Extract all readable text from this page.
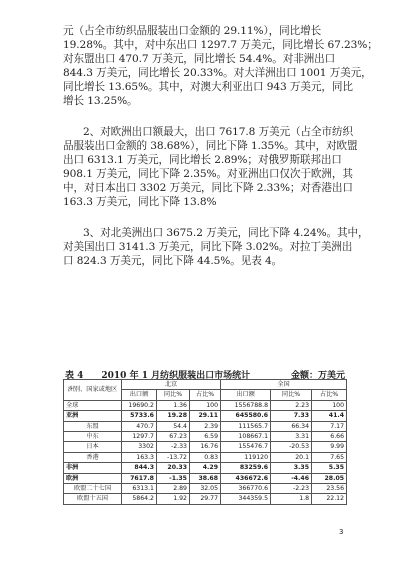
元（占全市纺织品服装出口金额的 29.11%），同比增长
19.28%。其中，对中东出口 1297.7 万美元，同比增长 67.23%；
对东盟出口 470.7 万美元，同比增长 54.4%。对非洲出口
844.3 万美元，同比增长 20.33%。对大洋洲出口 1001 万美元，
同比增长 13.65%。其中，对澳大利亚出口 943 万美元，同比
增长 13.25%。
2、对欧洲出口额最大，出口 7617.8 万美元（占全市纺织
品服装出口金额的 38.68%），同比下降 1.35%。其中，对欧盟
出口 6313.1 万美元，同比增长 2.89%；对俄罗斯联邦出口
908.1 万美元，同比下降 2.35%。对亚洲出口仅次于欧洲，其
中，对日本出口 3302 万美元，同比下降 2.33%；对香港出口
163.3 万美元，同比下降 13.8%
3、对北美洲出口 3675.2 万美元，同比下降 4.24%。其中，
对美国出口 3141.3 万美元，同比下降 3.02%。对拉丁美洲出
口 824.3 万美元，同比下降 44.5%。见表 4。
表 4　　2010 年 1 月纺织服装出口市场统计	金额：万美元
洲别、国家或地区	北京			全国		
	出口额	同比%	占比%	出口额	同比%	占比%
全球	19690.2	1.36	100	1556788.8	2.23	100
亚洲	5733.6	19.28	29.11	645580.6	7.33	41.4
东盟	470.7	54.4	2.39	111565.7	66.34	7.17
中东	1297.7	67.23	6.59	108667.1	3.31	6.66
日本	3302	-2.33	16.76	155476.7	-20.53	9.99
香港	163.3	-13.72	0.83	119120	20.1	7.65
非洲	844.3	20.33	4.29	83259.6	3.35	5.35
欧洲	7617.8	-1.35	38.68	436672.6	-4.46	28.05
欧盟二十七国	6313.1	2.89	32.05	366770.6	-2.23	23.56
欧盟十五国	5864.2	1.92	29.77	344359.5	1.8	22.12
3
